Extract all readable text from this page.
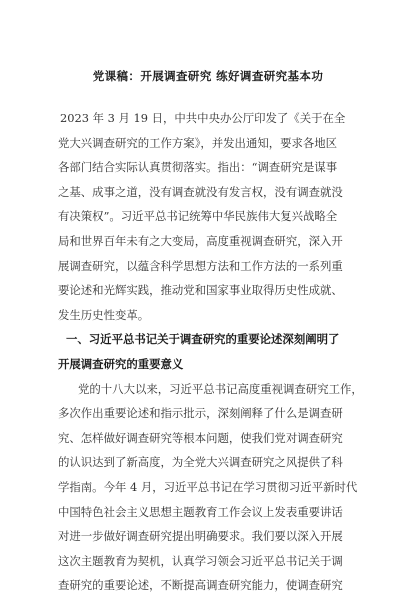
党课稿：开展调查研究 练好调查研究基本功
2023 年 3 月 19 日，中共中央办公厅印发了《关于在全
党大兴调查研究的工作方案》，并发出通知，要求各地区
各部门结合实际认真贯彻落实。指出：“调查研究是谋事
之基、成事之道，没有调查就没有发言权，没有调查就没
有决策权”。习近平总书记统筹中华民族伟大复兴战略全
局和世界百年未有之大变局，高度重视调查研究，深入开
展调查研究，以蕴含科学思想方法和工作方法的一系列重
要论述和光辉实践，推动党和国家事业取得历史性成就、
发生历史性变革。
一、习近平总书记关于调查研究的重要论述深刻阐明了
开展调查研究的重要意义
党的十八大以来，习近平总书记高度重视调查研究工作，
多次作出重要论述和指示批示，深刻阐释了什么是调查研
究、怎样做好调查研究等根本问题，使我们党对调查研究
的认识达到了新高度，为全党大兴调查研究之风提供了科
学指南。今年 4 月，习近平总书记在学习贯彻习近平新时代
中国特色社会主义思想主题教育工作会议上发表重要讲话
对进一步做好调查研究提出明确要求。我们要以深入开展
这次主题教育为契机，认真学习领会习近平总书记关于调
查研究的重要论述，不断提高调查研究能力，使调查研究
